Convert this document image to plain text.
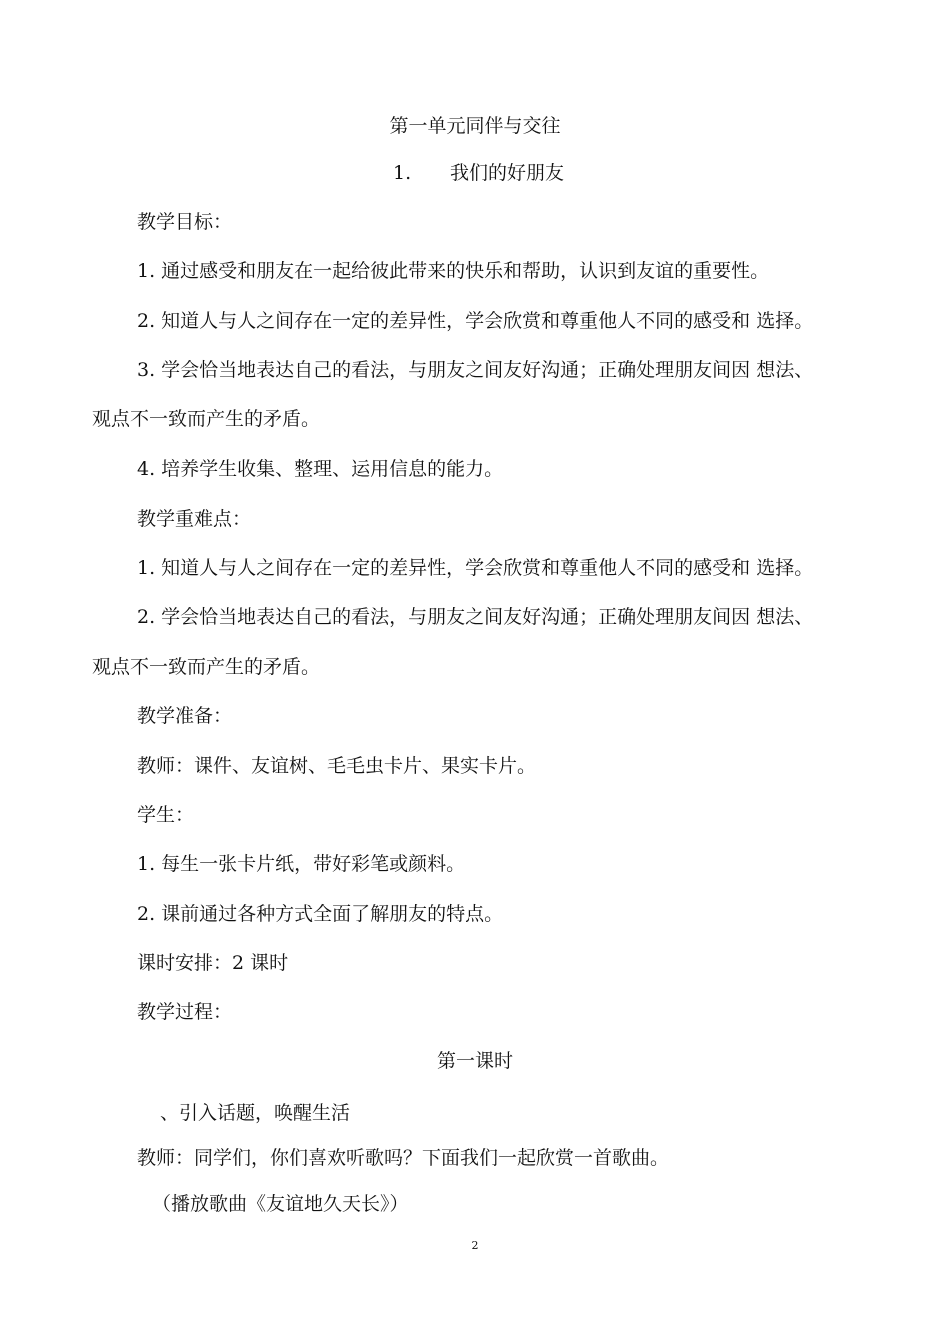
第一单元同伴与交往
1. 我们的好朋友
教学目标：
1. 通过感受和朋友在一起给彼此带来的快乐和帮助，认识到友谊的重要性。
2. 知道人与人之间存在一定的差异性，学会欣赏和尊重他人不同的感受和 选择。
3. 学会恰当地表达自己的看法，与朋友之间友好沟通；正确处理朋友间因 想法、
观点不一致而产生的矛盾。
4. 培养学生收集、整理、运用信息的能力。
教学重难点：
1. 知道人与人之间存在一定的差异性，学会欣赏和尊重他人不同的感受和 选择。
2. 学会恰当地表达自己的看法，与朋友之间友好沟通；正确处理朋友间因 想法、
观点不一致而产生的矛盾。
教学准备：
教师：课件、友谊树、毛毛虫卡片、果实卡片。
学生：
1. 每生一张卡片纸，带好彩笔或颜料。
2. 课前通过各种方式全面了解朋友的特点。
课时安排：2 课时
教学过程：
第一课时
、引入话题，唤醒生活
教师：同学们，你们喜欢听歌吗？下面我们一起欣赏一首歌曲。
（播放歌曲《友谊地久天长》）
2
